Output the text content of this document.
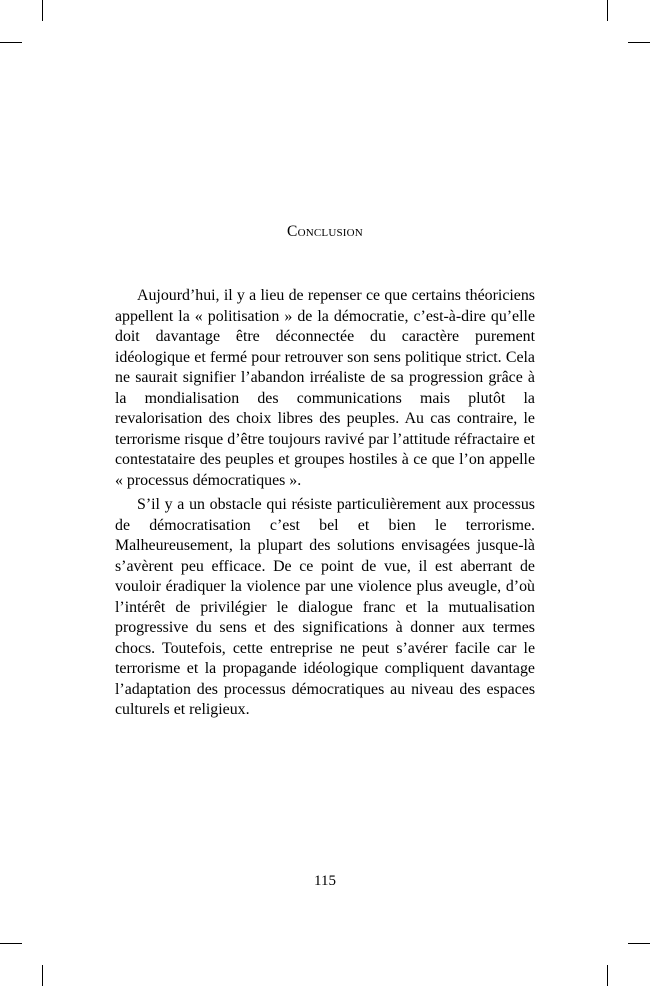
Conclusion

Aujourd’hui, il y a lieu de repenser ce que certains théoriciens appellent la « politisation » de la démocratie, c’est-à-dire qu’elle doit davantage être déconnectée du caractère purement idéologique et fermé pour retrouver son sens politique strict. Cela ne saurait signifier l’abandon irréaliste de sa progression grâce à la mondialisation des communications mais plutôt la revalorisation des choix libres des peuples. Au cas contraire, le terrorisme risque d’être toujours ravivé par l’attitude réfractaire et contestataire des peuples et groupes hostiles à ce que l’on appelle « processus démocratiques ».

S’il y a un obstacle qui résiste particulièrement aux processus de démocratisation c’est bel et bien le terrorisme. Malheureusement, la plupart des solutions envisagées jusque-là s’avèrent peu efficace. De ce point de vue, il est aberrant de vouloir éradiquer la violence par une violence plus aveugle, d’où l’intérêt de privilégier le dialogue franc et la mutualisation progressive du sens et des significations à donner aux termes chocs. Toutefois, cette entreprise ne peut s’avérer facile car le terrorisme et la propagande idéologique compliquent davantage l’adaptation des processus démocratiques au niveau des espaces culturels et religieux.

115
